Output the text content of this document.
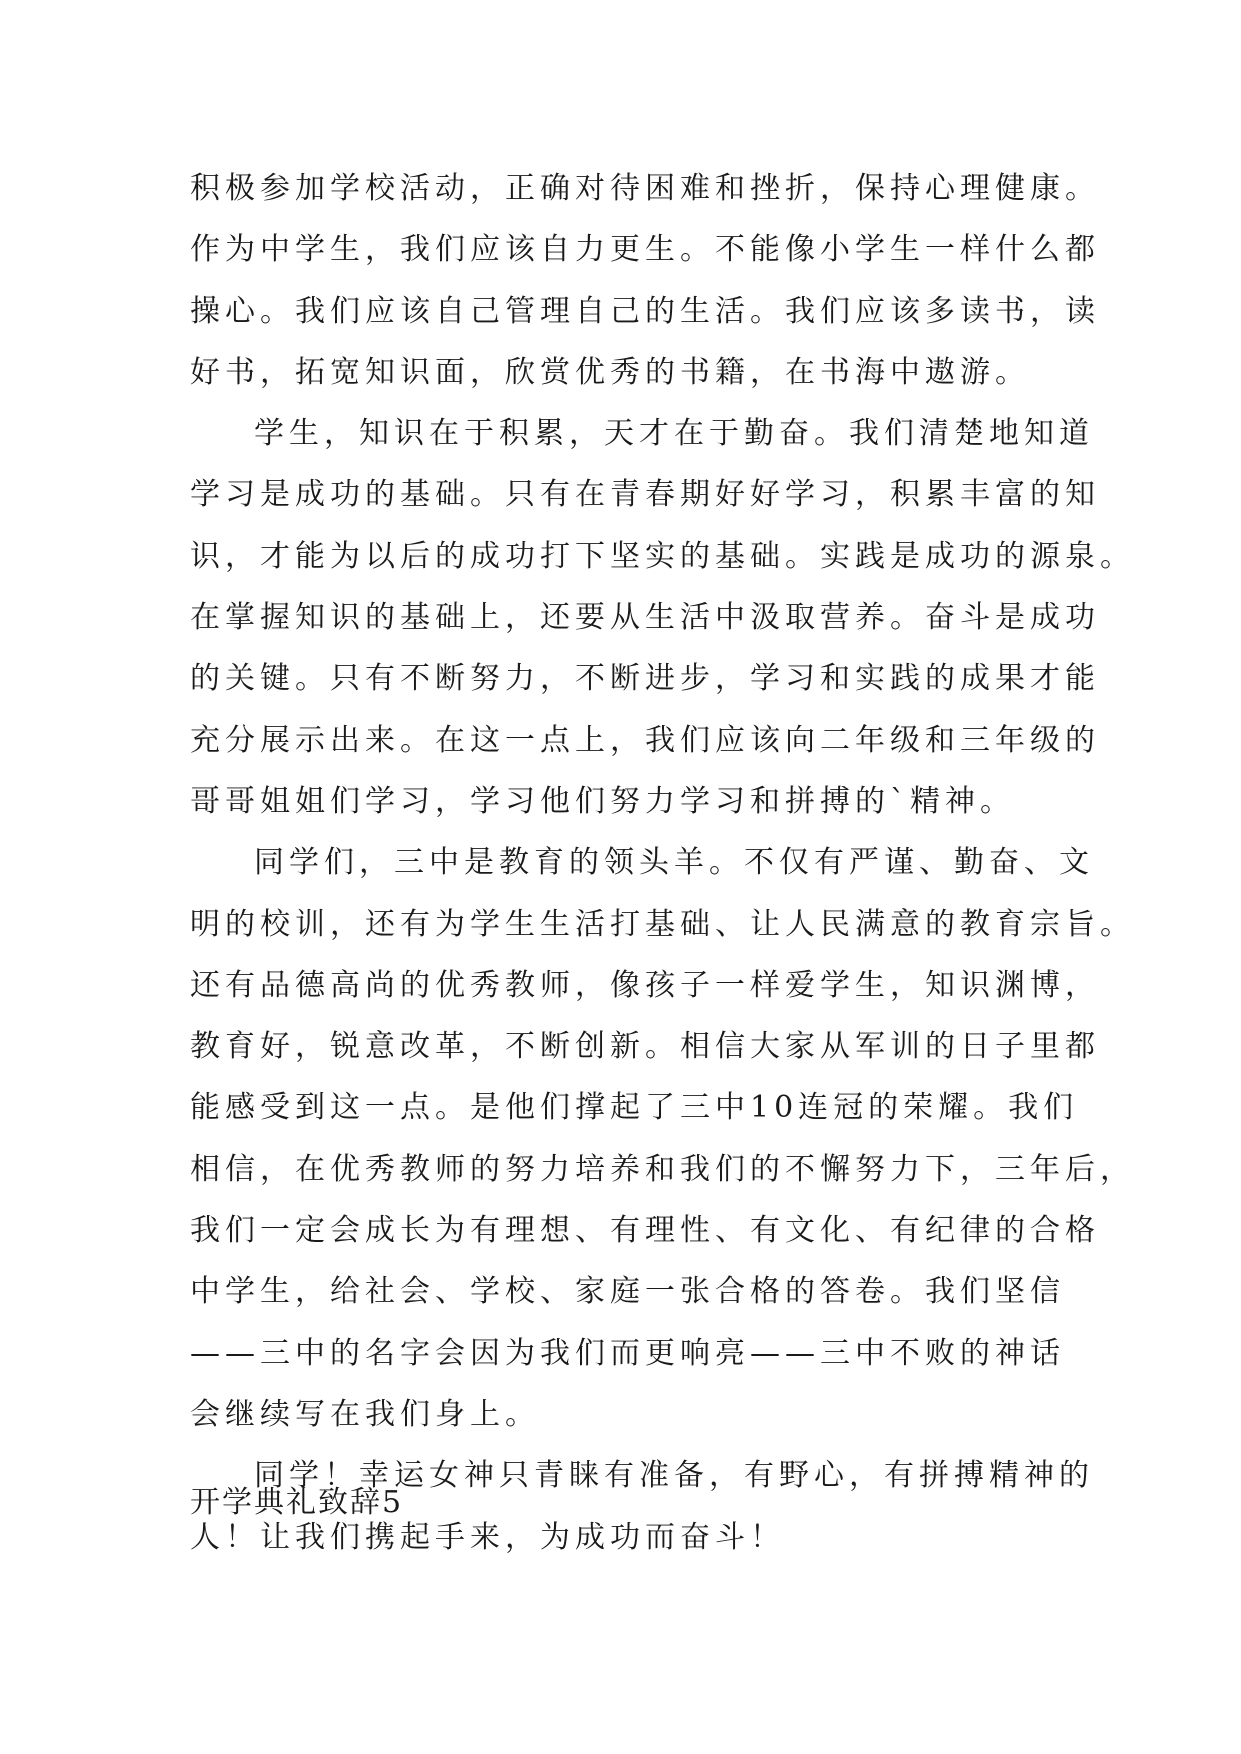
积极参加学校活动，正确对待困难和挫折，保持心理健康。
作为中学生，我们应该自力更生。不能像小学生一样什么都
操心。我们应该自己管理自己的生活。我们应该多读书，读
好书，拓宽知识面，欣赏优秀的书籍，在书海中遨游。
学生，知识在于积累，天才在于勤奋。我们清楚地知道
学习是成功的基础。只有在青春期好好学习，积累丰富的知
识，才能为以后的成功打下坚实的基础。实践是成功的源泉。
在掌握知识的基础上，还要从生活中汲取营养。奋斗是成功
的关键。只有不断努力，不断进步，学习和实践的成果才能
充分展示出来。在这一点上，我们应该向二年级和三年级的
哥哥姐姐们学习，学习他们努力学习和拼搏的`精神。
同学们，三中是教育的领头羊。不仅有严谨、勤奋、文
明的校训，还有为学生生活打基础、让人民满意的教育宗旨。
还有品德高尚的优秀教师，像孩子一样爱学生，知识渊博，
教育好，锐意改革，不断创新。相信大家从军训的日子里都
能感受到这一点。是他们撑起了三中10连冠的荣耀。我们
相信，在优秀教师的努力培养和我们的不懈努力下，三年后，
我们一定会成长为有理想、有理性、有文化、有纪律的合格
中学生，给社会、学校、家庭一张合格的答卷。我们坚信
——三中的名字会因为我们而更响亮——三中不败的神话
会继续写在我们身上。
同学！幸运女神只青睐有准备，有野心，有拼搏精神的
人！让我们携起手来，为成功而奋斗！
开学典礼致辞5
